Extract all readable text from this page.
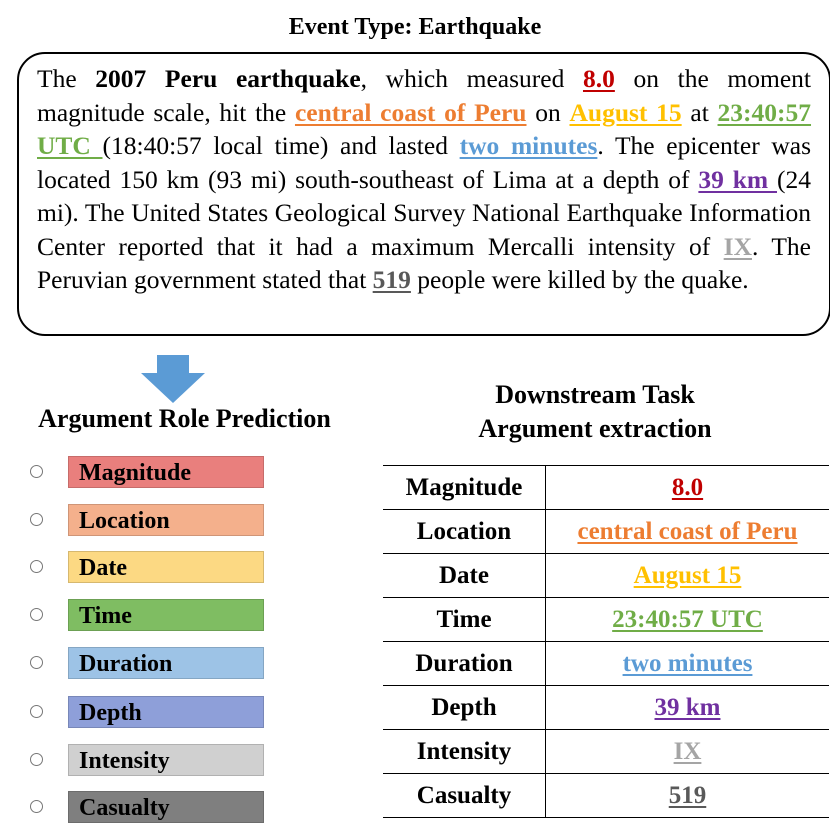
Event Type: Earthquake
The 2007 Peru earthquake, which measured 8.0 on the moment magnitude scale, hit the central coast of Peru on August 15 at 23:40:57 UTC (18:40:57 local time) and lasted two minutes. The epicenter was located 150 km (93 mi) south-southeast of Lima at a depth of 39 km (24 mi). The United States Geological Survey National Earthquake Information Center reported that it had a maximum Mercalli intensity of IX. The Peruvian government stated that 519 people were killed by the quake.
Argument Role Prediction
Magnitude
Location
Date
Time
Duration
Depth
Intensity
Casualty
Downstream Task
Argument extraction
Magnitude	8.0
Location	central coast of Peru
Date	August 15
Time	23:40:57 UTC
Duration	two minutes
Depth	39 km
Intensity	IX
Casualty	519
